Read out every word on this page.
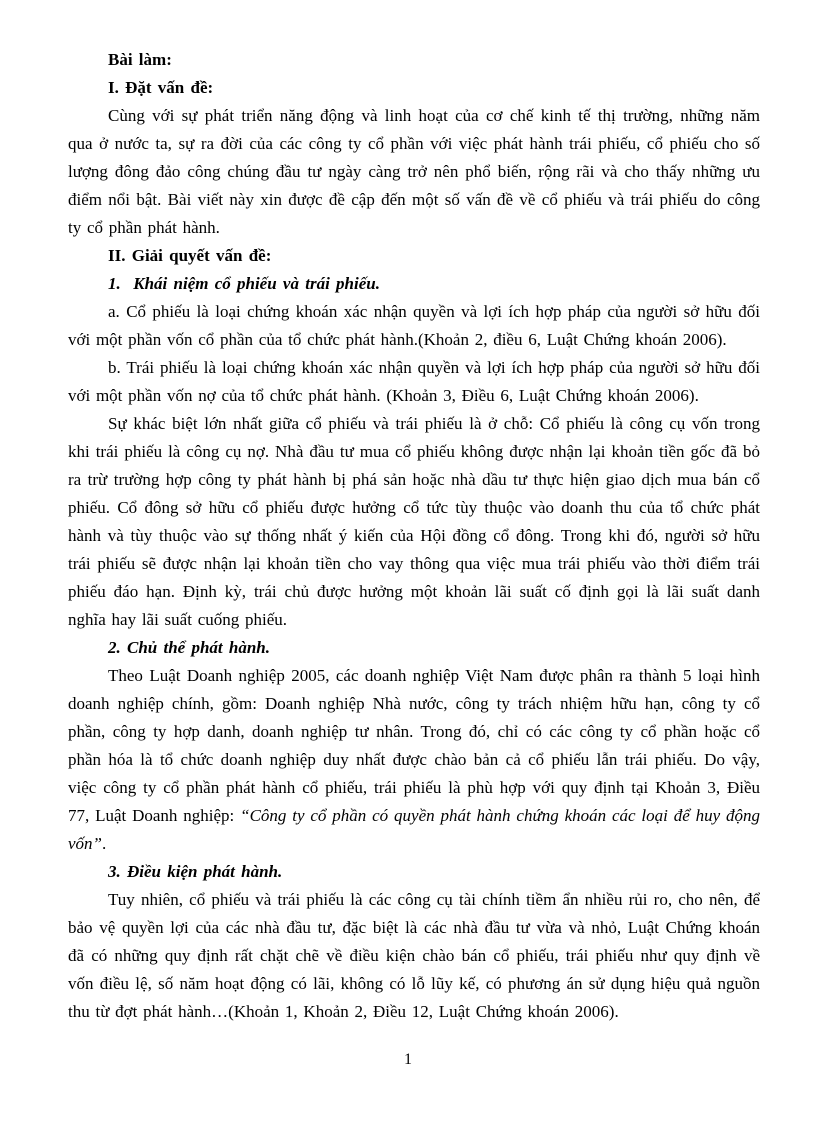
Bài làm:

I. Đặt vấn đề:

Cùng với sự phát triển năng động và linh hoạt của cơ chế kinh tế thị trường, những năm qua ở nước ta, sự ra đời của các công ty cổ phần với việc phát hành trái phiếu, cổ phiếu cho số lượng đông đảo công chúng đầu tư ngày càng trở nên phổ biến, rộng rãi và cho thấy những ưu điểm nổi bật. Bài viết này xin được đề cập đến một số vấn đề về cổ phiếu và trái phiếu do công ty cổ phần phát hành.

II. Giải quyết vấn đề:

1.  Khái niệm cổ phiếu và trái phiếu.

a. Cổ phiếu là loại chứng khoán xác nhận quyền và lợi ích hợp pháp của người sở hữu đối với một phần vốn cổ phần của tổ chức phát hành.(Khoản 2, điều 6, Luật Chứng khoán 2006).

b. Trái phiếu là loại chứng khoán xác nhận quyền và lợi ích hợp pháp của người sở hữu đối với một phần vốn nợ của tổ chức phát hành. (Khoản 3, Điều 6, Luật Chứng khoán 2006).

Sự khác biệt lớn nhất giữa cổ phiếu và trái phiếu là ở chỗ: Cổ phiếu là công cụ vốn trong khi trái phiếu là công cụ nợ. Nhà đầu tư mua cổ phiếu không được nhận lại khoản tiền gốc đã bỏ ra trừ trường hợp công ty phát hành bị phá sản hoặc nhà dầu tư thực hiện giao dịch mua bán cổ phiếu. Cổ đông sở hữu cổ phiếu được hưởng cổ tức tùy thuộc vào doanh thu của tổ chức phát hành và tùy thuộc vào sự thống nhất ý kiến của Hội đồng cổ đông. Trong khi đó, người sở hữu trái phiếu sẽ được nhận lại khoản tiền cho vay thông qua việc mua trái phiếu vào thời điểm trái phiếu đáo hạn. Định kỳ, trái chủ được hưởng một khoản lãi suất cố định gọi là lãi suất danh nghĩa hay lãi suất cuống phiếu.

2. Chủ thể phát hành.

Theo Luật Doanh nghiệp 2005, các doanh nghiệp Việt Nam được phân ra thành 5 loại hình doanh nghiệp chính, gồm: Doanh nghiệp Nhà nước, công ty trách nhiệm hữu hạn, công ty cổ phần, công ty hợp danh, doanh nghiệp tư nhân. Trong đó, chỉ có các công ty cổ phần hoặc cổ phần hóa là tổ chức doanh nghiệp duy nhất được chào bản cả cổ phiếu lẫn trái phiếu. Do vậy, việc công ty cổ phần phát hành cổ phiếu, trái phiếu là phù hợp với quy định tại Khoản 3, Điều 77, Luật Doanh nghiệp: “Công ty cổ phần có quyền phát hành chứng khoán các loại để huy động vốn”.

3. Điều kiện phát hành.

Tuy nhiên, cổ phiếu và trái phiếu là các công cụ tài chính tiềm ẩn nhiều rủi ro, cho nên, để bảo vệ quyền lợi của các nhà đầu tư, đặc biệt là các nhà đầu tư vừa và nhỏ, Luật Chứng khoán đã có những quy định rất chặt chẽ về điều kiện chào bán cổ phiếu, trái phiếu như quy định về vốn điều lệ, số năm hoạt động có lãi, không có lỗ lũy kế, có phương án sử dụng hiệu quả nguồn thu từ đợt phát hành…(Khoản 1, Khoản 2, Điều 12, Luật Chứng khoán 2006).

1
